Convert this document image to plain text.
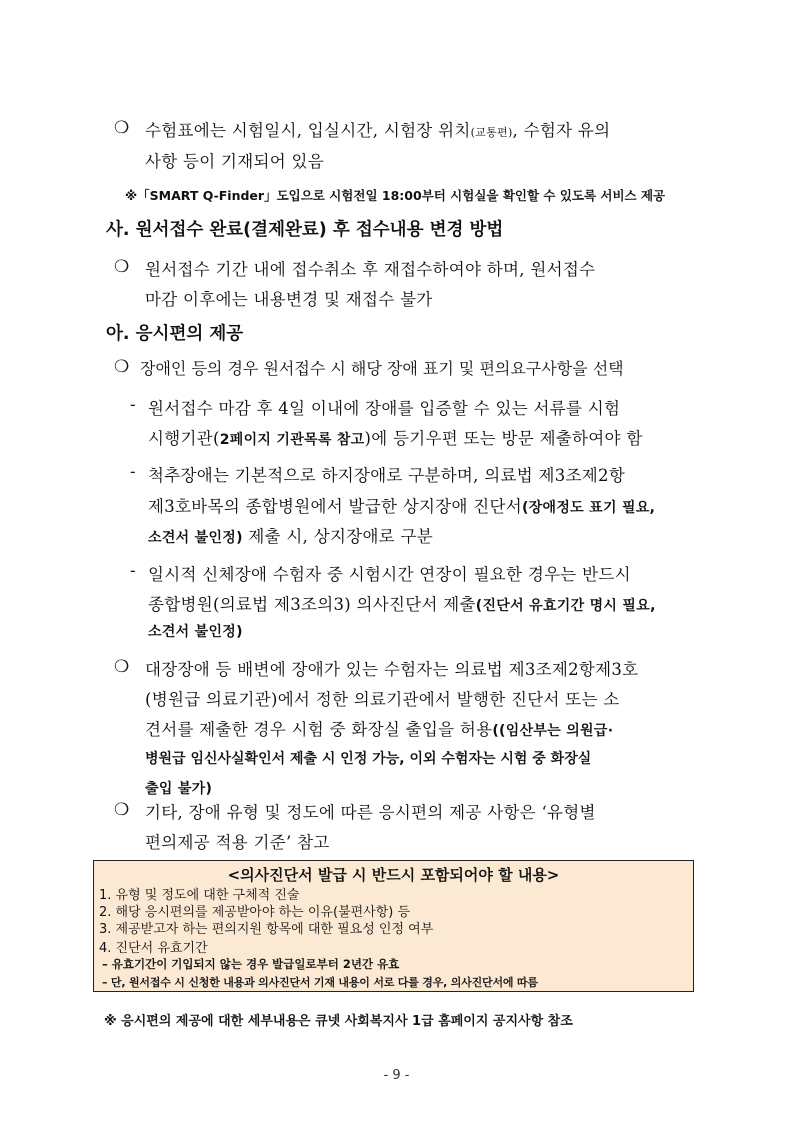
❍ 수험표에는 시험일시, 입실시간, 시험장 위치(교통편), 수험자 유의
사항 등이 기재되어 있음
※「SMART Q-Finder」도입으로 시험전일 18:00부터 시험실을 확인할 수 있도록 서비스 제공
사. 원서접수 완료(결제완료) 후 접수내용 변경 방법
❍ 원서접수 기간 내에 접수취소 후 재접수하여야 하며, 원서접수
마감 이후에는 내용변경 및 재접수 불가
아. 응시편의 제공
❍ 장애인 등의 경우 원서접수 시 해당 장애 표기 및 편의요구사항을 선택
- 원서접수 마감 후 4일 이내에 장애를 입증할 수 있는 서류를 시험
시행기관(2페이지 기관목록 참고)에 등기우편 또는 방문 제출하여야 함
- 척추장애는 기본적으로 하지장애로 구분하며, 의료법 제3조제2항
제3호바목의 종합병원에서 발급한 상지장애 진단서(장애정도 표기 필요,
소견서 불인정) 제출 시, 상지장애로 구분
- 일시적 신체장애 수험자 중 시험시간 연장이 필요한 경우는 반드시
종합병원(의료법 제3조의3) 의사진단서 제출(진단서 유효기간 명시 필요,
소견서 불인정)
❍ 대장장애 등 배변에 장애가 있는 수험자는 의료법 제3조제2항제3호
(병원급 의료기관)에서 정한 의료기관에서 발행한 진단서 또는 소
견서를 제출한 경우 시험 중 화장실 출입을 허용((임산부는 의원급·
병원급 임신사실확인서 제출 시 인정 가능, 이외 수험자는 시험 중 화장실
출입 불가)
❍ 기타, 장애 유형 및 정도에 따른 응시편의 제공 사항은 ‘유형별
편의제공 적용 기준’ 참고
<의사진단서 발급 시 반드시 포함되어야 할 내용>
1. 유형 및 정도에 대한 구체적 진술
2. 해당 응시편의를 제공받아야 하는 이유(불편사항) 등
3. 제공받고자 하는 편의지원 항목에 대한 필요성 인정 여부
4. 진단서 유효기간
– 유효기간이 기입되지 않는 경우 발급일로부터 2년간 유효
– 단, 원서접수 시 신청한 내용과 의사진단서 기재 내용이 서로 다를 경우, 의사진단서에 따름
※ 응시편의 제공에 대한 세부내용은 큐넷 사회복지사 1급 홈페이지 공지사항 참조
- 9 -
